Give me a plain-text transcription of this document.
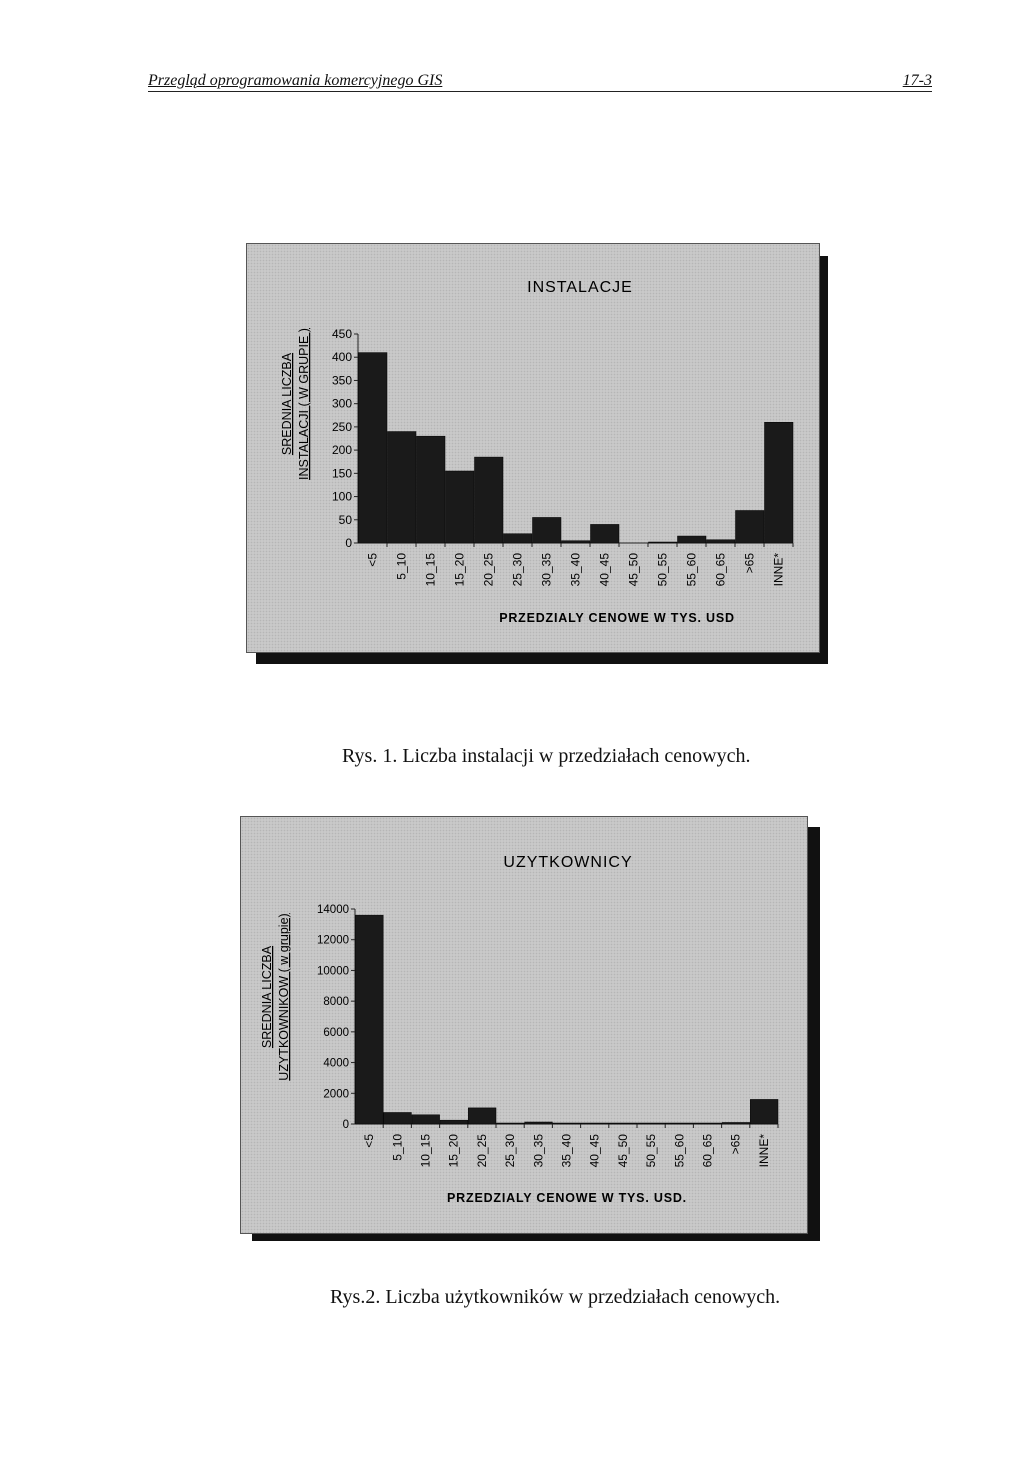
Przegląd oprogramowania komercyjnego GIS	17-3
INSTALACJE
0
50
100
150
200
250
300
350
400
450
<5 5_10 10_15 15_20 20_25 25_30 30_35 35_40 40_45 45_50 50_55 55_60 60_65 >65 INNE*
PRZEDZIALY CENOWE W TYS. USD
SREDNIA LICZBA INSTALACJI ( W GRUPIE )
Rys. 1. Liczba instalacji w przedziałach cenowych.
UZYTKOWNICY
0
2000
4000
6000
8000
10000
12000
14000
<5 5_10 10_15 15_20 20_25 25_30 30_35 35_40 40_45 45_50 50_55 55_60 60_65 >65 INNE*
PRZEDZIALY CENOWE W TYS. USD.
SREDNIA LICZBA UZYTKOWNIKOW ( w grupie)
Rys.2. Liczba użytkowników w przedziałach cenowych.
